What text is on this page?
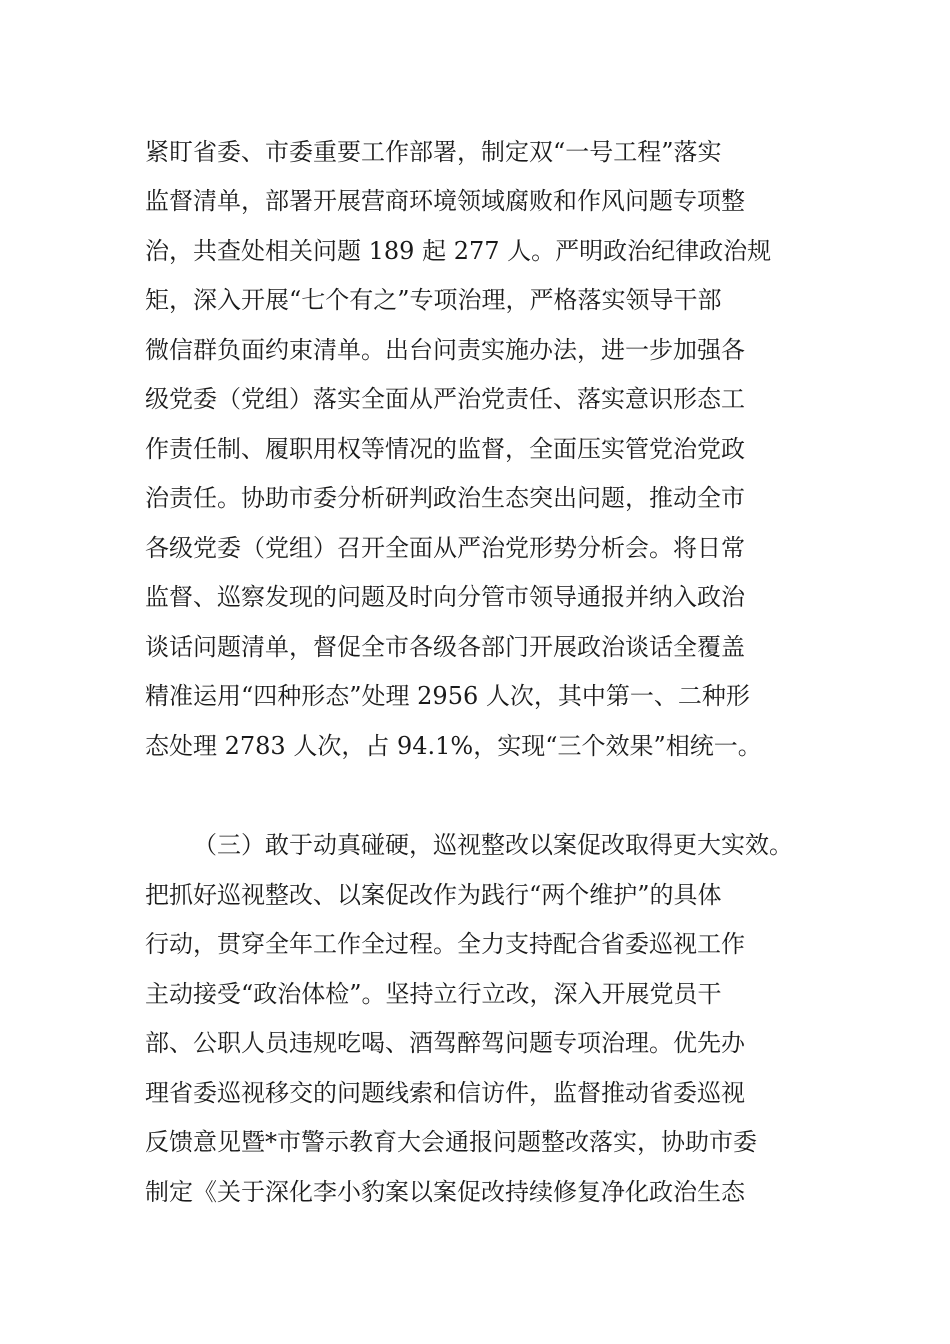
紧盯省委、市委重要工作部署，制定双“一号工程”落实
监督清单，部署开展营商环境领域腐败和作风问题专项整
治，共查处相关问题 189 起 277 人。严明政治纪律政治规
矩，深入开展“七个有之”专项治理，严格落实领导干部
微信群负面约束清单。出台问责实施办法，进一步加强各
级党委（党组）落实全面从严治党责任、落实意识形态工
作责任制、履职用权等情况的监督，全面压实管党治党政
治责任。协助市委分析研判政治生态突出问题，推动全市
各级党委（党组）召开全面从严治党形势分析会。将日常
监督、巡察发现的问题及时向分管市领导通报并纳入政治
谈话问题清单，督促全市各级各部门开展政治谈话全覆盖
精准运用“四种形态”处理 2956 人次，其中第一、二种形
态处理 2783 人次，占 94.1%，实现“三个效果”相统一。
（三）敢于动真碰硬，巡视整改以案促改取得更大实效。
把抓好巡视整改、以案促改作为践行“两个维护”的具体
行动，贯穿全年工作全过程。全力支持配合省委巡视工作
主动接受“政治体检”。坚持立行立改，深入开展党员干
部、公职人员违规吃喝、酒驾醉驾问题专项治理。优先办
理省委巡视移交的问题线索和信访件，监督推动省委巡视
反馈意见暨*市警示教育大会通报问题整改落实，协助市委
制定《关于深化李小豹案以案促改持续修复净化政治生态
